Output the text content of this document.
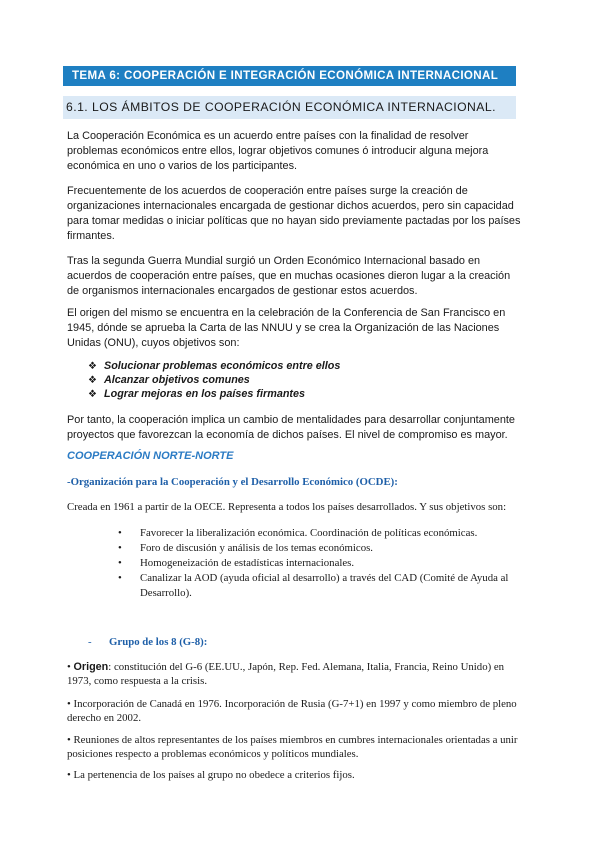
TEMA 6: COOPERACIÓN E INTEGRACIÓN ECONÓMICA INTERNACIONAL
6.1. LOS ÁMBITOS DE COOPERACIÓN ECONÓMICA INTERNACIONAL.

La Cooperación Económica es un acuerdo entre países con la finalidad de resolver problemas económicos entre ellos, lograr objetivos comunes ó introducir alguna mejora económica en uno o varios de los participantes.

Frecuentemente de los acuerdos de cooperación entre países surge la creación de organizaciones internacionales encargada de gestionar dichos acuerdos, pero sin capacidad para tomar medidas o iniciar políticas que no hayan sido previamente pactadas por los países firmantes.

Tras la segunda Guerra Mundial surgió un Orden Económico Internacional basado en acuerdos de cooperación entre países, que en muchas ocasiones dieron lugar a la creación de organismos internacionales encargados de gestionar estos acuerdos.

El origen del mismo se encuentra en la celebración de la Conferencia de San Francisco en 1945, dónde se aprueba la Carta de las NNUU y se crea la Organización de las Naciones Unidas (ONU), cuyos objetivos son:

❖ Solucionar problemas económicos entre ellos
❖ Alcanzar objetivos comunes
❖ Lograr mejoras en los países firmantes

Por tanto, la cooperación implica un cambio de mentalidades para desarrollar conjuntamente proyectos que favorezcan la economía de dichos países. El nivel de compromiso es mayor.

COOPERACIÓN NORTE-NORTE
-Organización para la Cooperación y el Desarrollo Económico (OCDE):
Creada en 1961 a partir de la OECE. Representa a todos los países desarrollados. Y sus objetivos son:
• Favorecer la liberalización económica. Coordinación de políticas económicas.
• Foro de discusión y análisis de los temas económicos.
• Homogeneización de estadísticas internacionales.
• Canalizar la AOD (ayuda oficial al desarrollo) a través del CAD (Comité de Ayuda al Desarrollo).
- Grupo de los 8 (G-8):

• Origen: constitución del G-6 (EE.UU., Japón, Rep. Fed. Alemana, Italia, Francia, Reino Unido) en 1973, como respuesta a la crisis.

• Incorporación de Canadá en 1976. Incorporación de Rusia (G-7+1) en 1997 y como miembro de pleno derecho en 2002.

• Reuniones de altos representantes de los países miembros en cumbres internacionales orientadas a unir posiciones respecto a problemas económicos y políticos mundiales.

• La pertenencia de los países al grupo no obedece a criterios fijos.
